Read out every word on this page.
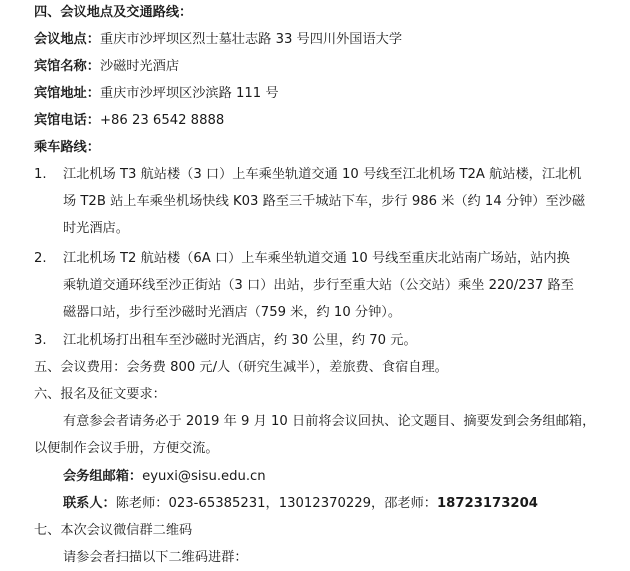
四、会议地点及交通路线：
会议地点：重庆市沙坪坝区烈士墓壮志路 33 号四川外国语大学
宾馆名称：沙磁时光酒店
宾馆地址：重庆市沙坪坝区沙滨路 111 号
宾馆电话：+86 23 6542 8888
乘车路线：
1. 江北机场 T3 航站楼（3 口）上车乘坐轨道交通 10 号线至江北机场 T2A 航站楼，江北机
场 T2B 站上车乘坐机场快线 K03 路至三千城站下车，步行 986 米（约 14 分钟）至沙磁
时光酒店。
2. 江北机场 T2 航站楼（6A 口）上车乘坐轨道交通 10 号线至重庆北站南广场站，站内换
乘轨道交通环线至沙正街站（3 口）出站，步行至重大站（公交站）乘坐 220/237 路至
磁器口站，步行至沙磁时光酒店（759 米，约 10 分钟）。
3. 江北机场打出租车至沙磁时光酒店，约 30 公里，约 70 元。
五、会议费用：会务费 800 元/人（研究生减半），差旅费、食宿自理。
六、报名及征文要求：
有意参会者请务必于 2019 年 9 月 10 日前将会议回执、论文题目、摘要发到会务组邮箱，
以便制作会议手册，方便交流。
会务组邮箱：eyuxi@sisu.edu.cn
联系人：陈老师：023-65385231，13012370229，邵老师：18723173204
七、本次会议微信群二维码
请参会者扫描以下二维码进群：
